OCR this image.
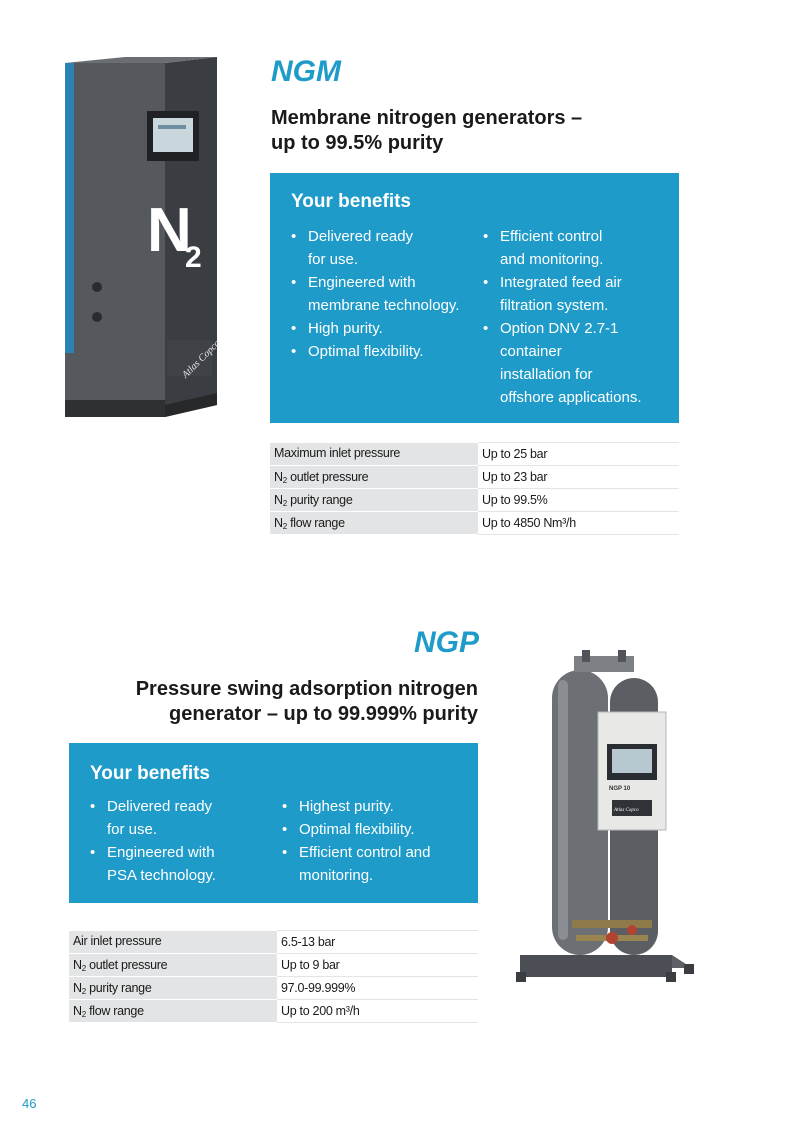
N
2
Atlas Copco
NGM

Membrane nitrogen generators –

up to 99.5% purity

Your benefits
• Delivered ready
for use.
• Engineered with
membrane technology.
• High purity.
• Optimal flexibility.
• Efficient control
and monitoring.
• Integrated feed air
filtration system.
• Option DNV 2.7-1
container
installation for
offshore applications.
Maximum inlet pressure	Up to 25 bar
$N_2$ outlet pressure	Up to 23 bar
$N_2$ purity range	Up to 99.5%
$N_2$ flow range	Up to 4850 Nm³/h
NGP

Pressure swing adsorption nitrogen

generator – up to 99.999% purity

Your benefits
• Delivered ready
for use.
• Engineered with
PSA technology.
• Highest purity.
• Optimal flexibility.
• Efficient control and
monitoring.
Air inlet pressure	6.5-13 bar
$N_2$ outlet pressure	Up to 9 bar
$N_2$ purity range	97.0-99.999%
$N_2$ flow range	Up to 200 m³/h
NGP 10
Atlas Copco
46
